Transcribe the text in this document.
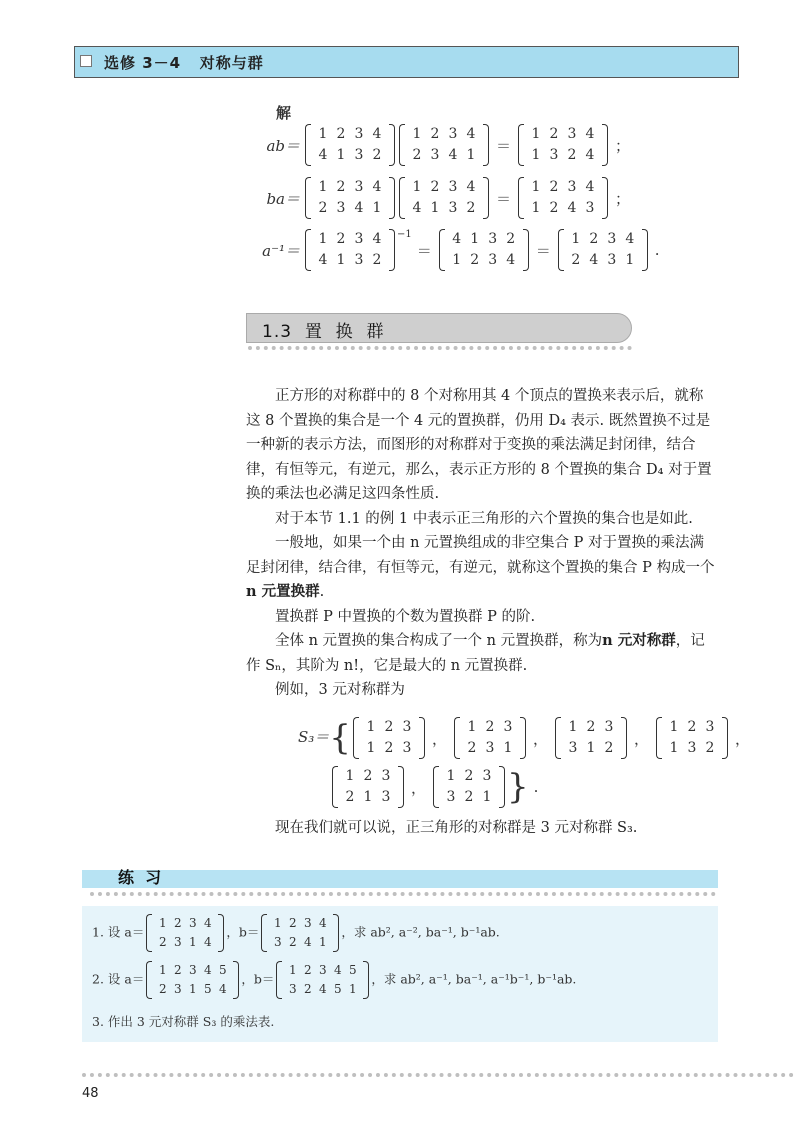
选修 3－4   对称与群
解
ab＝
1 2 3 4
4 1 3 2
1 2 3 4
2 3 4 1
＝
1 2 3 4
1 3 2 4
；
ba＝
1 2 3 4
2 3 4 1
1 2 3 4
4 1 3 2
＝
1 2 3 4
1 2 4 3
；
a⁻¹＝
1 2 3 4
4 1 3 2
$^{-1}$＝
4 1 3 2
1 2 3 4
＝
1 2 3 4
2 4 3 1
.
1.3  置  换  群

正方形的对称群中的 8 个对称用其 4 个顶点的置换来表示后，就称这 8 个置换的集合是一个 4 元的置换群，仍用 D₄ 表示. 既然置换不过是一种新的表示方法，而图形的对称群对于变换的乘法满足封闭律，结合律，有恒等元，有逆元，那么，表示正方形的 8 个置换的集合 D₄ 对于置换的乘法也必满足这四条性质.

对于本节 1.1 的例 1 中表示正三角形的六个置换的集合也是如此.

一般地，如果一个由 n 元置换组成的非空集合 P 对于置换的乘法满足封闭律，结合律，有恒等元，有逆元，就称这个置换的集合 P 构成一个n 元置换群.

置换群 P 中置换的个数为置换群 P 的阶.

全体 n 元置换的集合构成了一个 n 元置换群，称为n 元对称群，记作 Sₙ，其阶为 n!，它是最大的 n 元置换群.

例如，3 元对称群为

S₃＝{	1 2 3
1 2 3
，
1 2 3
2 3 1
，
1 2 3
3 1 2
，
1 2 3
1 3 2
，
1 2 3
2 1 3
，
1 2 3
3 2 1 } .

现在我们就可以说，正三角形的对称群是 3 元对称群 S₃.

练  习
1. 设 a＝
1 2 3 4
2 3 1 4
，b＝
1 2 3 4
3 2 4 1
，求 ab², a⁻², ba⁻¹, b⁻¹ab.
2. 设 a＝
1 2 3 4 5
2 3 1 5 4
，b＝
1 2 3 4 5
3 2 4 5 1
，求 ab², a⁻¹, ba⁻¹, a⁻¹b⁻¹, b⁻¹ab.
3. 作出 3 元对称群 S₃ 的乘法表.
48
